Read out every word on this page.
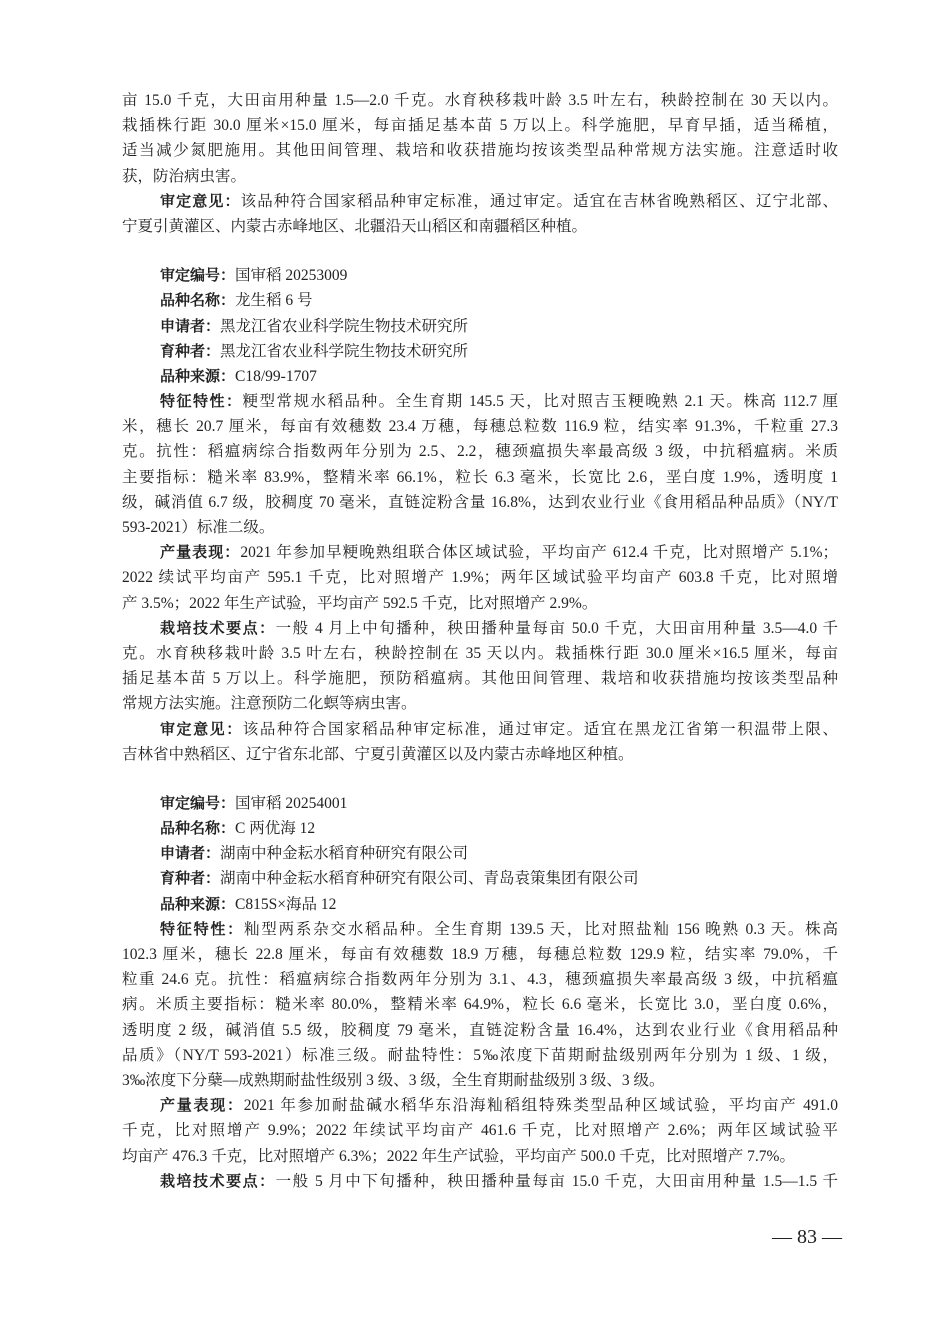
亩 15.0 千克，大田亩用种量 1.5—2.0 千克。水育秧移栽叶龄 3.5 叶左右，秧龄控制在 30 天以内。
栽插株行距 30.0 厘米×15.0 厘米，每亩插足基本苗 5 万以上。科学施肥，早育早插，适当稀植，
适当减少氮肥施用。其他田间管理、栽培和收获措施均按该类型品种常规方法实施。注意适时收
获，防治病虫害。
审定意见：该品种符合国家稻品种审定标准，通过审定。适宜在吉林省晚熟稻区、辽宁北部、
宁夏引黄灌区、内蒙古赤峰地区、北疆沿天山稻区和南疆稻区种植。
审定编号：国审稻 20253009
品种名称：龙生稻 6 号
申请者：黑龙江省农业科学院生物技术研究所
育种者：黑龙江省农业科学院生物技术研究所
品种来源：C18/99-1707
特征特性：粳型常规水稻品种。全生育期 145.5 天，比对照吉玉粳晚熟 2.1 天。株高 112.7 厘
米，穗长 20.7 厘米，每亩有效穗数 23.4 万穗，每穗总粒数 116.9 粒，结实率 91.3%，千粒重 27.3
克。抗性：稻瘟病综合指数两年分别为 2.5、2.2，穗颈瘟损失率最高级 3 级，中抗稻瘟病。米质
主要指标：糙米率 83.9%，整精米率 66.1%，粒长 6.3 毫米，长宽比 2.6，垩白度 1.9%，透明度 1
级，碱消值 6.7 级，胶稠度 70 毫米，直链淀粉含量 16.8%，达到农业行业《食用稻品种品质》（NY/T
593-2021）标准二级。
产量表现：2021 年参加早粳晚熟组联合体区域试验，平均亩产 612.4 千克，比对照增产 5.1%；
2022 续试平均亩产 595.1 千克，比对照增产 1.9%；两年区域试验平均亩产 603.8 千克，比对照增
产 3.5%；2022 年生产试验，平均亩产 592.5 千克，比对照增产 2.9%。
栽培技术要点：一般 4 月上中旬播种，秧田播种量每亩 50.0 千克，大田亩用种量 3.5—4.0 千
克。水育秧移栽叶龄 3.5 叶左右，秧龄控制在 35 天以内。栽插株行距 30.0 厘米×16.5 厘米，每亩
插足基本苗 5 万以上。科学施肥，预防稻瘟病。其他田间管理、栽培和收获措施均按该类型品种
常规方法实施。注意预防二化螟等病虫害。
审定意见：该品种符合国家稻品种审定标准，通过审定。适宜在黑龙江省第一积温带上限、
吉林省中熟稻区、辽宁省东北部、宁夏引黄灌区以及内蒙古赤峰地区种植。
审定编号：国审稻 20254001
品种名称：C 两优海 12
申请者：湖南中种金耘水稻育种研究有限公司
育种者：湖南中种金耘水稻育种研究有限公司、青岛袁策集团有限公司
品种来源：C815S×海品 12
特征特性：籼型两系杂交水稻品种。全生育期 139.5 天，比对照盐籼 156 晚熟 0.3 天。株高
102.3 厘米，穗长 22.8 厘米，每亩有效穗数 18.9 万穗，每穗总粒数 129.9 粒，结实率 79.0%，千
粒重 24.6 克。抗性：稻瘟病综合指数两年分别为 3.1、4.3，穗颈瘟损失率最高级 3 级，中抗稻瘟
病。米质主要指标：糙米率 80.0%，整精米率 64.9%，粒长 6.6 毫米，长宽比 3.0，垩白度 0.6%，
透明度 2 级，碱消值 5.5 级，胶稠度 79 毫米，直链淀粉含量 16.4%，达到农业行业《食用稻品种
品质》（NY/T 593-2021）标准三级。耐盐特性：5‰浓度下苗期耐盐级别两年分别为 1 级、1 级，
3‰浓度下分蘖—成熟期耐盐性级别 3 级、3 级，全生育期耐盐级别 3 级、3 级。
产量表现：2021 年参加耐盐碱水稻华东沿海籼稻组特殊类型品种区域试验，平均亩产 491.0
千克，比对照增产 9.9%；2022 年续试平均亩产 461.6 千克，比对照增产 2.6%；两年区域试验平
均亩产 476.3 千克，比对照增产 6.3%；2022 年生产试验，平均亩产 500.0 千克，比对照增产 7.7%。
栽培技术要点：一般 5 月中下旬播种，秧田播种量每亩 15.0 千克，大田亩用种量 1.5—1.5 千
— 83 —
